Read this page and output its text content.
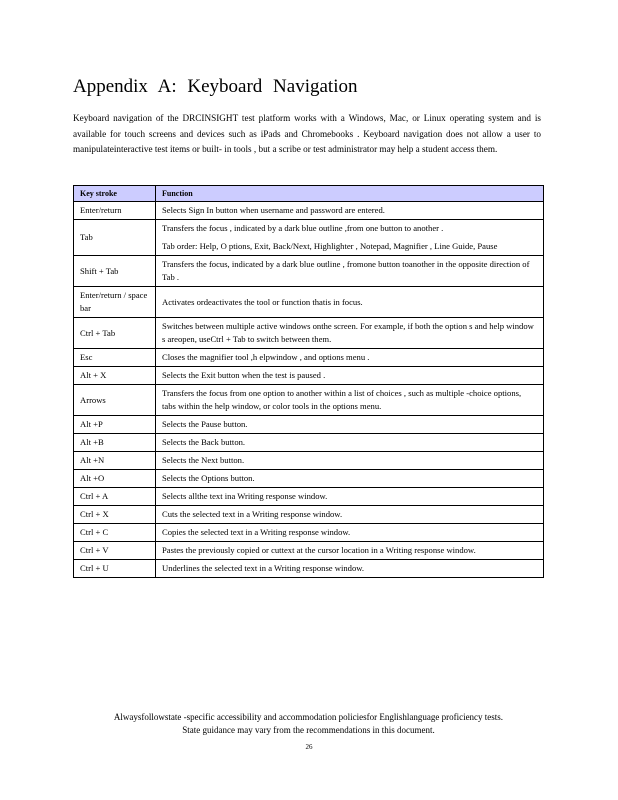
Appendix A: Keyboard Navigation

Keyboard navigation of the DRCINSIGHT test platform works with a Windows, Mac, or Linux operating system and is available for touch screens and devices such as iPads and Chromebooks . Keyboard navigation does not allow a user to manipulateinteractive test items or built- in tools , but a scribe or test administrator may help a student access them.

Key stroke	Function
Enter/return	Selects Sign In button when username and password are entered.

Tab	Transfers the focus , indicated by a dark blue outline ,from one button to another .

Tab order: Help, O ptions, Exit, Back/Next, Highlighter , Notepad, Magnifier , Line Guide, Pause

Shift + Tab	Transfers the focus, indicated by a dark blue outline , fromone button toanother in the opposite direction of Tab .

Enter/return / space bar	Activates ordeactivates the tool or function thatis in focus.

Ctrl + Tab	Switches between multiple active windows onthe screen. For example, if both the option s and help window s areopen, useCtrl + Tab to switch between them.

Esc	Closes the magnifier tool ,h elpwindow , and options menu .

Alt + X	Selects the Exit button when the test is paused .

Arrows	Transfers the focus from one option to another within a list of choices , such as multiple -choice options, tabs within the help window, or color tools in the options menu.

Alt +P	Selects the Pause button.

Alt +B	Selects the Back button.

Alt +N	Selects the Next button.

Alt +O	Selects the Options button.

Ctrl + A	Selects allthe text ina Writing response window.

Ctrl + X	Cuts the selected text in a Writing response window.

Ctrl + C	Copies the selected text in a Writing response window.

Ctrl + V	Pastes the previously copied or cuttext at the cursor location in a Writing response window.

Ctrl + U	Underlines the selected text in a Writing response window.

Alwaysfollowstate -specific accessibility and accommodation policiesfor Englishlanguage proficiency tests.
State guidance may vary from the recommendations in this document.

26
